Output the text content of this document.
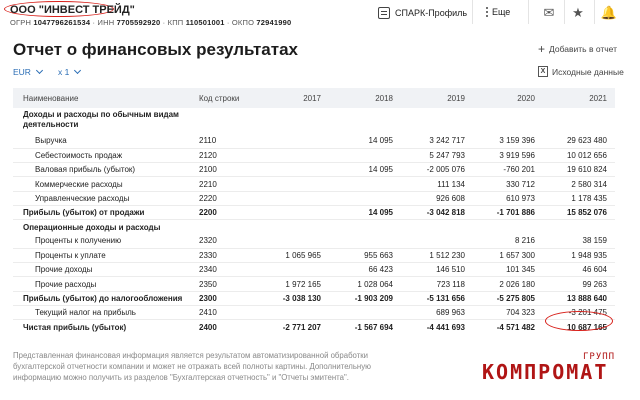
ООО "ИНВЕСТ ТРЕЙД"
ОГРН 1047796261534 · ИНН 7705592920 · КПП 110501001 · ОКПО 72941990
СПАРК-Профиль	Еще	✉ ★ 🔔
Отчет о финансовых результатах	+ Добавить в отчет
X Исходные данные
EUR	x 1
Наименование	Код строки	2017	2018	2019	2020	2021
Доходы и расходы по обычным видам деятельности						
Выручка	2110		14 095	3 242 717	3 159 396	29 623 480
Себестоимость продаж	2120			5 247 793	3 919 596	10 012 656
Валовая прибыль (убыток)	2100		14 095	-2 005 076	-760 201	19 610 824
Коммерческие расходы	2210			111 134	330 712	2 580 314
Управленческие расходы	2220			926 608	610 973	1 178 435
Прибыль (убыток) от продажи	2200		14 095	-3 042 818	-1 701 886	15 852 076
Операционные доходы и расходы						
Проценты к получению	2320				8 216	38 159
Проценты к уплате	2330	1 065 965	955 663	1 512 230	1 657 300	1 948 935
Прочие доходы	2340		66 423	146 510	101 345	46 604
Прочие расходы	2350	1 972 165	1 028 064	723 118	2 026 180	99 263
Прибыль (убыток) до налогообложения	2300	-3 038 130	-1 903 209	-5 131 656	-5 275 805	13 888 640
Текущий налог на прибыль	2410			689 963	704 323	-3 201 475
Чистая прибыль (убыток)	2400	-2 771 207	-1 567 694	-4 441 693	-4 571 482	10 687 165
Представленная финансовая информация является результатом автоматизированной обработки бухгалтерской отчетности компании и может не отражать всей полноты картины. Дополнительную информацию можно получить из разделов "Бухгалтерская отчетность" и "Отчеты эмитента".
ГРУПП
КОМПРОМАТ
